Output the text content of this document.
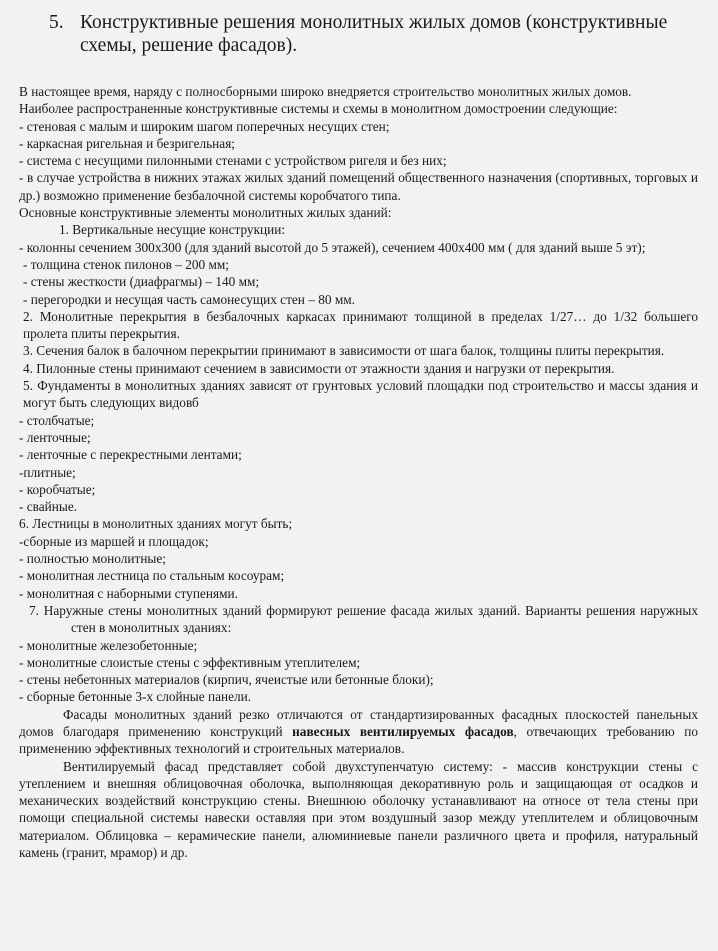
5. Конструктивные решения монолитных жилых домов (конструктивные
схемы, решение фасадов).

В настоящее время, наряду с полносборными широко внедряется строительство монолитных жилых домов.

Наиболее распространенные конструктивные системы и схемы в монолитном домостроении следующие:

- стеновая с малым и широким шагом поперечных несущих стен;

- каркасная ригельная и безригельная;

- система с несущими пилонными стенами с устройством ригеля и без них;

- в случае устройства в нижних этажах жилых зданий помещений общественного назначения (спортивных, торговых и др.) возможно применение безбалочной системы коробчатого типа.

Основные конструктивные элементы монолитных жилых зданий:

1. Вертикальные несущие конструкции:

- колонны сечением 300х300 (для зданий высотой до 5 этажей), сечением 400х400 мм ( для зданий выше 5 эт);

- толщина стенок пилонов – 200 мм;

- стены жесткости (диафрагмы) – 140 мм;

- перегородки и несущая часть самонесущих стен – 80 мм.

2. Монолитные перекрытия в безбалочных каркасах принимают толщиной в пределах 1/27… до 1/32 большего пролета плиты перекрытия.

3. Сечения балок в балочном перекрытии принимают в зависимости от шага балок, толщины плиты перекрытия.

4. Пилонные стены принимают сечением в зависимости от этажности здания и нагрузки от перекрытия.

5. Фундаменты в монолитных зданиях зависят от грунтовых условий площадки под строительство и массы здания и могут быть следующих видовб

- столбчатые;

- ленточные;

- ленточные с перекрестными лентами;

-плитные;

- коробчатые;

- свайные.

6. Лестницы в монолитных зданиях могут быть;

-сборные из маршей и площадок;

- полностью монолитные;

- монолитная лестница по стальным косоурам;

- монолитная с наборными ступенями.

7. Наружные стены монолитных зданий формируют решение фасада жилых зданий. Варианты решения наружных стен в монолитных зданиях:

- монолитные железобетонные;

- монолитные слоистые стены с эффективным утеплителем;

- стены небетонных материалов (кирпич, ячеистые или бетонные блоки);

- сборные бетонные 3-х слойные панели.

Фасады монолитных зданий резко отличаются от стандартизированных фасадных плоскостей панельных домов благодаря применению конструкций навесных вентилируемых фасадов, отвечающих требованию по применению эффективных технологий и строительных материалов.

Вентилируемый фасад представляет собой двухступенчатую систему: - массив конструкции стены с утеплением и внешняя облицовочная оболочка, выполняющая декоративную роль и защищающая от осадков и механических воздействий конструкцию стены. Внешнюю оболочку устанавливают на относе от тела стены при помощи специальной системы навески оставляя при этом воздушный зазор между утеплителем и облицовочным материалом. Облицовка – керамические панели, алюминиевые панели различного цвета и профиля, натуральный камень (гранит, мрамор) и др.
